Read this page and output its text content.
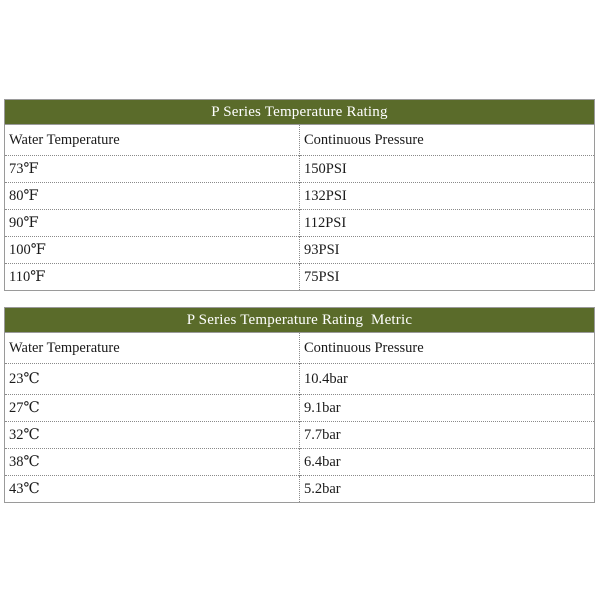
P Series Temperature Rating	
Water Temperature	Continuous Pressure
73℉	150PSI
80℉	132PSI
90℉	112PSI
100℉	93PSI
110℉	75PSI
P Series Temperature Rating  Metric	
Water Temperature	Continuous Pressure
23℃	10.4bar
27℃	9.1bar
32℃	7.7bar
38℃	6.4bar
43℃	5.2bar
